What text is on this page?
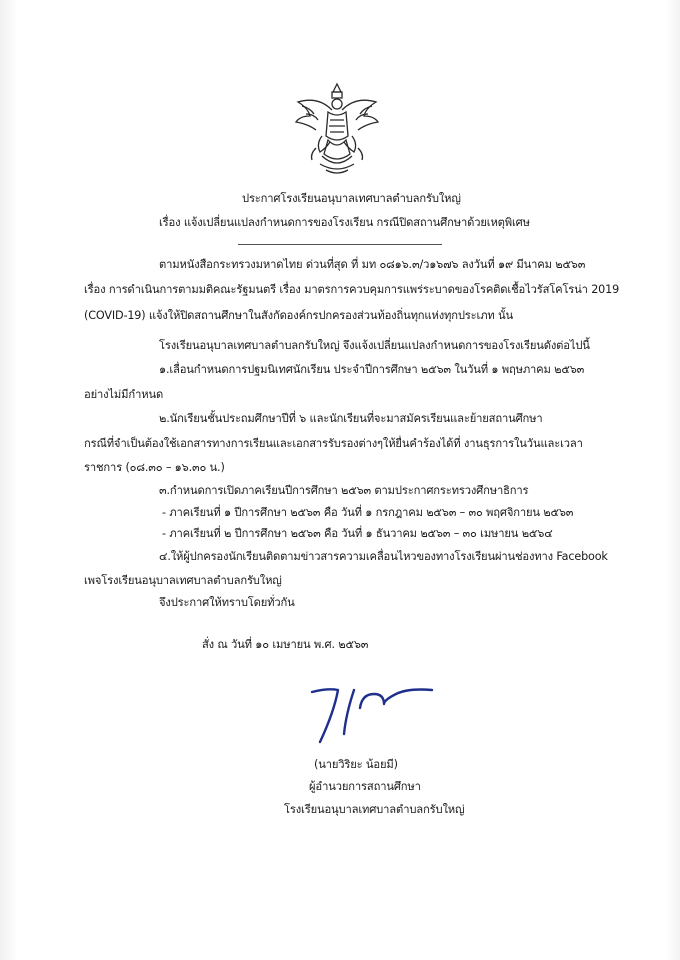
ประกาศโรงเรียนอนุบาลเทศบาลตำบลกรับใหญ่
เรื่อง แจ้งเปลี่ยนแปลงกำหนดการของโรงเรียน กรณีปิดสถานศึกษาด้วยเหตุพิเศษ
ตามหนังสือกระทรวงมหาดไทย ด่วนที่สุด ที่ มท ๐๘๑๖.๓/ว๑๖๗๖ ลงวันที่ ๑๙ มีนาคม ๒๕๖๓
เรื่อง การดำเนินการตามมติคณะรัฐมนตรี เรื่อง มาตรการควบคุมการแพร่ระบาดของโรคติดเชื้อไวรัสโคโรน่า 2019
(COVID-19) แจ้งให้ปิดสถานศึกษาในสังกัดองค์กรปกครองส่วนท้องถิ่นทุกแห่งทุกประเภท นั้น
โรงเรียนอนุบาลเทศบาลตำบลกรับใหญ่ จึงแจ้งเปลี่ยนแปลงกำหนดการของโรงเรียนดังต่อไปนี้
๑.เลื่อนกำหนดการปฐมนิเทศนักเรียน ประจำปีการศึกษา ๒๕๖๓ ในวันที่ ๑ พฤษภาคม ๒๕๖๓
อย่างไม่มีกำหนด
๒.นักเรียนชั้นประถมศึกษาปีที่ ๖ และนักเรียนที่จะมาสมัครเรียนและย้ายสถานศึกษา
กรณีที่จำเป็นต้องใช้เอกสารทางการเรียนและเอกสารรับรองต่างๆให้ยื่นคำร้องได้ที่ งานธุรการในวันและเวลา
ราชการ (๐๘.๓๐ – ๑๖.๓๐ น.)
๓.กำหนดการเปิดภาคเรียนปีการศึกษา ๒๕๖๓ ตามประกาศกระทรวงศึกษาธิการ
- ภาคเรียนที่ ๑ ปีการศึกษา ๒๕๖๓ คือ วันที่ ๑ กรกฎาคม ๒๕๖๓ – ๓๐ พฤศจิกายน ๒๕๖๓
- ภาคเรียนที่ ๒ ปีการศึกษา ๒๕๖๓ คือ วันที่ ๑ ธันวาคม ๒๕๖๓ – ๓๐ เมษายน ๒๕๖๔
๔.ให้ผู้ปกครองนักเรียนติดตามข่าวสารความเคลื่อนไหวของทางโรงเรียนผ่านช่องทาง Facebook
เพจโรงเรียนอนุบาลเทศบาลตำบลกรับใหญ่
จึงประกาศให้ทราบโดยทั่วกัน
สั่ง ณ วันที่ ๑๐ เมษายน พ.ศ. ๒๕๖๓
(นายวิริยะ น้อยมี)
ผู้อำนวยการสถานศึกษา
โรงเรียนอนุบาลเทศบาลตำบลกรับใหญ่
